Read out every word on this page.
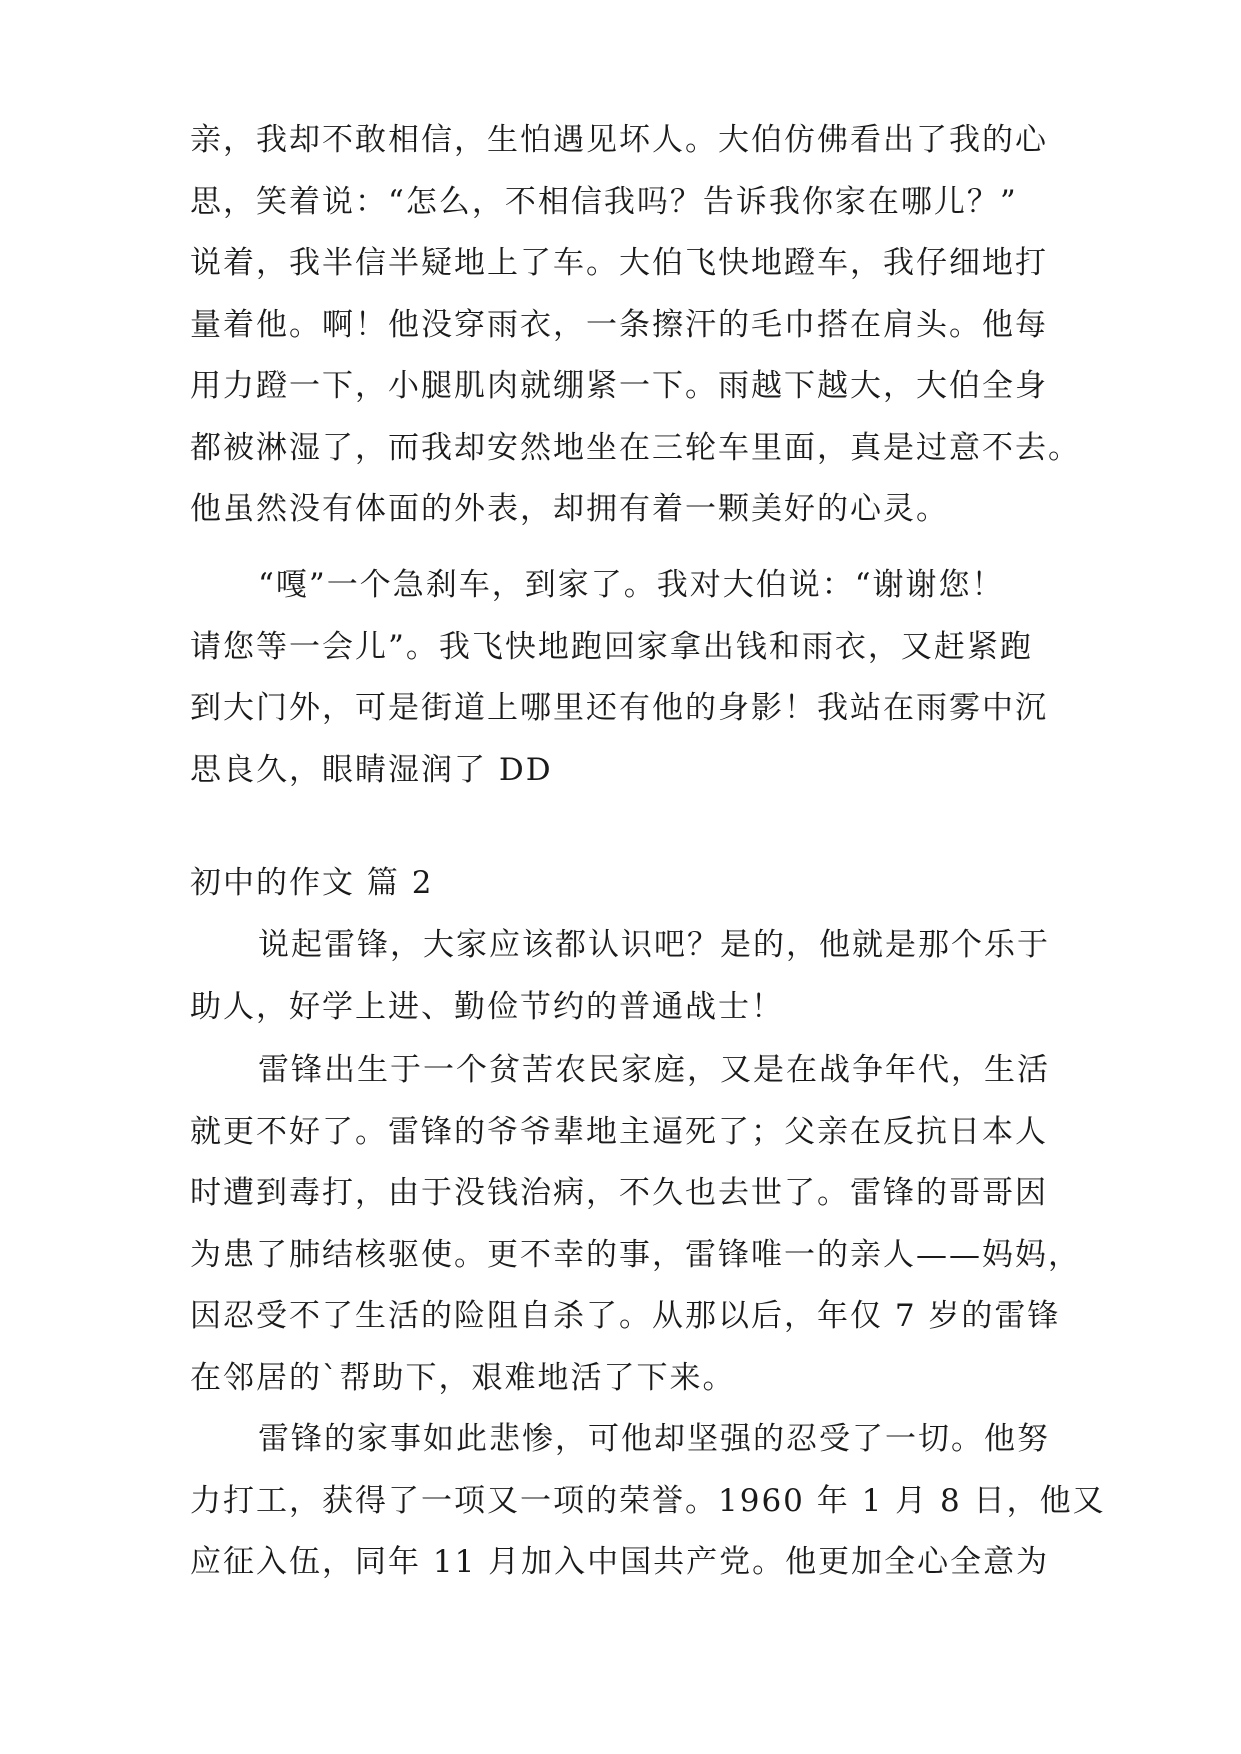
亲，我却不敢相信，生怕遇见坏人。大伯仿佛看出了我的心
思，笑着说：“怎么，不相信我吗？告诉我你家在哪儿？”
说着，我半信半疑地上了车。大伯飞快地蹬车，我仔细地打
量着他。啊！他没穿雨衣，一条擦汗的毛巾搭在肩头。他每
用力蹬一下，小腿肌肉就绷紧一下。雨越下越大，大伯全身
都被淋湿了，而我却安然地坐在三轮车里面，真是过意不去。
他虽然没有体面的外表，却拥有着一颗美好的心灵。
“嘎”一个急刹车，到家了。我对大伯说：“谢谢您！
请您等一会儿”。我飞快地跑回家拿出钱和雨衣，又赶紧跑
到大门外，可是街道上哪里还有他的身影！我站在雨雾中沉
思良久，眼睛湿润了 DD
初中的作文 篇 2
说起雷锋，大家应该都认识吧？是的，他就是那个乐于
助人，好学上进、勤俭节约的普通战士！
雷锋出生于一个贫苦农民家庭，又是在战争年代，生活
就更不好了。雷锋的爷爷辈地主逼死了；父亲在反抗日本人
时遭到毒打，由于没钱治病，不久也去世了。雷锋的哥哥因
为患了肺结核驱使。更不幸的事，雷锋唯一的亲人——妈妈，
因忍受不了生活的险阻自杀了。从那以后，年仅 7 岁的雷锋
在邻居的`帮助下，艰难地活了下来。
雷锋的家事如此悲惨，可他却坚强的忍受了一切。他努
力打工，获得了一项又一项的荣誉。1960 年 1 月 8 日，他又
应征入伍，同年 11 月加入中国共产党。他更加全心全意为
